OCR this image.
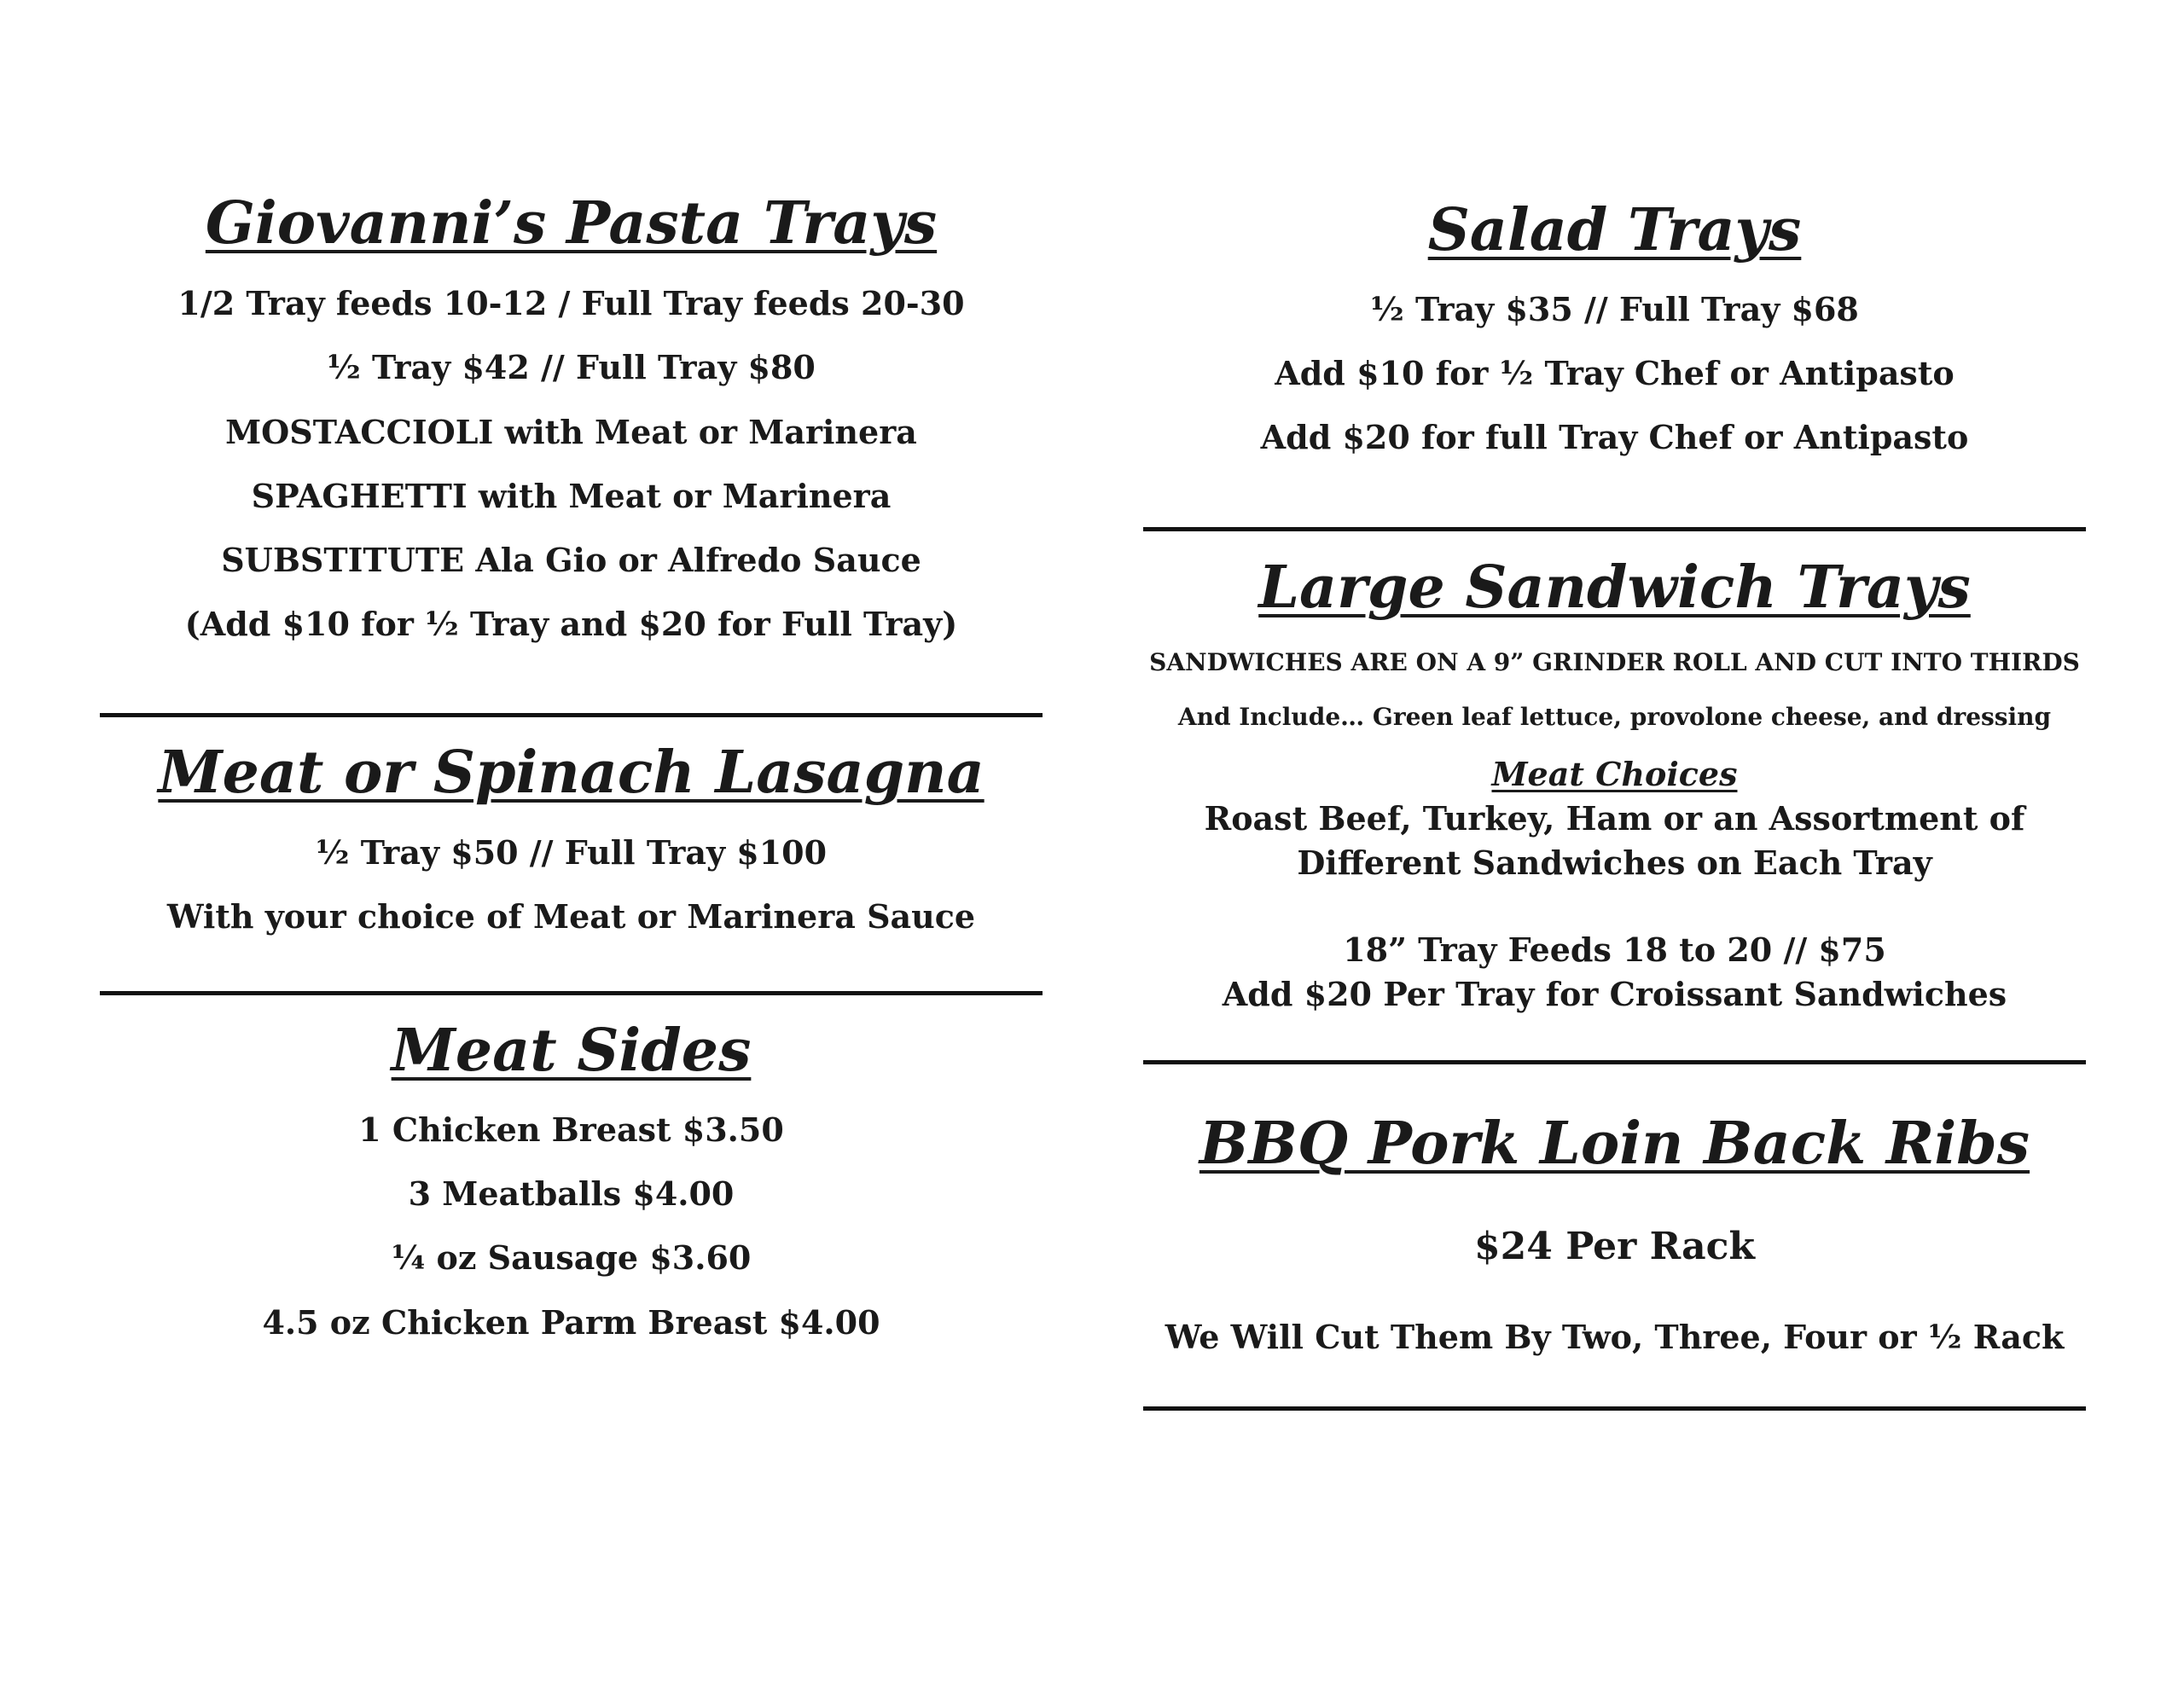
Giovanni’s Pasta Trays
1/2 Tray feeds 10-12 / Full Tray feeds 20-30
½ Tray $42 // Full Tray $80
MOSTACCIOLI with Meat or Marinera
SPAGHETTI with Meat or Marinera
SUBSTITUTE Ala Gio or Alfredo Sauce
(Add $10 for ½ Tray and $20 for Full Tray)
Meat or Spinach Lasagna
½ Tray $50 // Full Tray $100
With your choice of Meat or Marinera Sauce
Meat Sides
1 Chicken Breast $3.50
3 Meatballs $4.00
¼ oz Sausage $3.60
4.5 oz Chicken Parm Breast $4.00
Salad Trays
½ Tray $35 // Full Tray $68
Add $10 for ½ Tray Chef or Antipasto
Add $20 for full Tray Chef or Antipasto
Large Sandwich Trays
SANDWICHES ARE ON A 9” GRINDER ROLL AND CUT INTO THIRDS
And Include… Green leaf lettuce, provolone cheese, and dressing
Meat Choices
Roast Beef, Turkey, Ham or an Assortment of
Different Sandwiches on Each Tray
18” Tray Feeds 18 to 20 // $75
Add $20 Per Tray for Croissant Sandwiches
BBQ Pork Loin Back Ribs
$24 Per Rack
We Will Cut Them By Two, Three, Four or ½ Rack
